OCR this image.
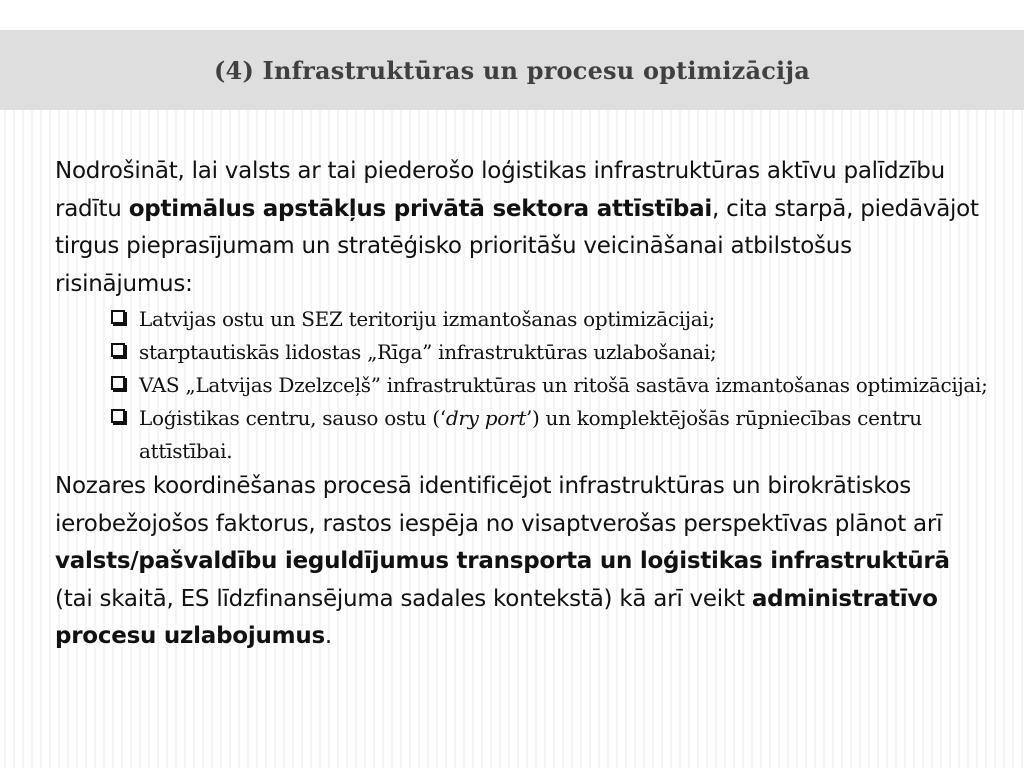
(4) Infrastruktūras un procesu optimizācija

Nodrošināt, lai valsts ar tai piederošo loģistikas infrastruktūras aktīvu palīdzību radītu optimālus apstākļus privātā sektora attīstībai, cita starpā, piedāvājot tirgus pieprasījumam un stratēģisko prioritāšu veicināšanai atbilstošus risinājumus:

Latvijas ostu un SEZ teritoriju izmantošanas optimizācijai;
starptautiskās lidostas „Rīga” infrastruktūras uzlabošanai;
VAS „Latvijas Dzelzceļš” infrastruktūras un ritošā sastāva izmantošanas optimizācijai;
Loģistikas centru, sauso ostu (‘dry port’) un komplektējošās rūpniecības centru attīstībai.

Nozares koordinēšanas procesā identificējot infrastruktūras un birokrātiskos ierobežojošos faktorus, rastos iespēja no visaptverošas perspektīvas plānot arī valsts/pašvaldību ieguldījumus transporta un loģistikas infrastruktūrā (tai skaitā, ES līdzfinansējuma sadales kontekstā) kā arī veikt administratīvo procesu uzlabojumus.
